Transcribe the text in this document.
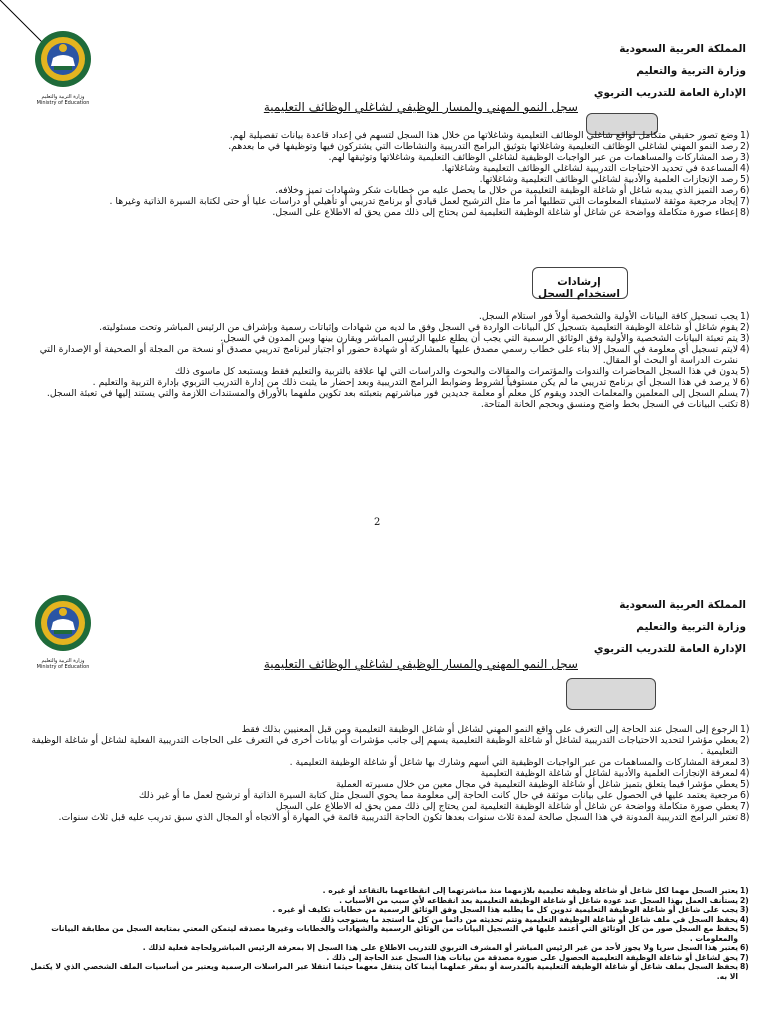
وزارة التربية والتعليم
Ministry of Education
المملكة العربية السعودية
وزارة التربية والتعليم
الإدارة العامة للتدريب التربوي
سجل النمو المهني والمسار الوظيفي لشاغلي الوظائف التعليمية
1)
وضع تصور حقيقي متكامل لواقع شاغلي الوظائف التعليمية وشاغلاتها من خلال هذا السجل لتسهم في إعداد قاعدة بيانات تفصيلية لهم.
2)
رصد النمو المهني لشاغلي الوظائف التعليمية وشاغلاتها بتوثيق البرامج التدريبية والنشاطات التي يشتركون فيها وتوظيفها في ما بعدهم.
3)
رصد المشاركات والمساهمات من عبر الواجبات الوظيفية لشاغلي الوظائف التعليمية وشاغلاتها وتوثيقها لهم.
4)
المساعدة في تحديد الاحتياجات التدريبية لشاغلي الوظائف التعليمية وشاغلاتها.
5)
رصد الإنجازات العلمية والأدبية لشاغلي الوظائف التعليمية وشاغلاتها.
6)
رصد التميز الذي يبديه شاغل أو شاغلة الوظيفة التعليمية من خلال ما يحصل عليه من خطابات شكر وشهادات تميز وخلافه.
7)
إيجاد مرجعية موثقة لاستيفاء المعلومات التي تتطلبها أمر ما مثل الترشيح لعمل قيادي أو برنامج تدريبي أو تأهيلي أو دراسات عليا أو حتى لكتابة السيرة الذاتية وغيرها .
8)
إعطاء صورة متكاملة وواضحة عن شاغل أو شاغلة الوظيفة التعليمية لمن يحتاج إلى ذلك ممن يحق له الاطلاع على السجل.
إرشادات استخدام السجل
1)
يجب تسجيل كافة البيانات الأولية والشخصية أولاً فور استلام السجل.
2)
يقوم شاغل أو شاغلة الوظيفة التعليمية بتسجيل كل البيانات الواردة في السجل وفق ما لديه من شهادات وإثباتات رسمية وبإشراف من الرئيس المباشر وتحت مسئوليته.
3)
يتم تعبئة البيانات الشخصية والأولية وفق الوثائق الرسمية التي يجب أن يطلع عليها الرئيس المباشر ويقارن بينها وبين المدون في السجل.
4)
لايتم تسجيل أي معلومة في السجل إلا بناء على خطاب رسمي مصدق عليها بالمشاركة أو شهادة حضور أو اجتياز لبرنامج تدريبي مصدق أو نسخة من المجلة أو الصحيفة أو الإصدارة التي نشرت الدراسة أو البحث أو المقال.
5)
يدون في هذا السجل المحاضرات والندوات والمؤتمرات والمقالات والبحوث والدراسات التي لها علاقة بالتربية والتعليم فقط ويستبعد كل ماسوى ذلك
6)
لا يرصد في هذا السجل أي برنامج تدريبي ما لم يكن مستوفياً لشروط وضوابط البرامج التدريبية وبعد إحضار ما يثبت ذلك من إدارة التدريب التربوي بإدارة التربية والتعليم .
7)
يسلم السجل إلى المعلمين والمعلمات الجدد ويقوم كل معلم أو معلمة جديدين فور مباشرتهم بتعبئته بعد تكوين ملفهما بالأوراق والمستندات اللازمة والتي يستند إليها في تعبئة السجل.
8)
تكتب البيانات في السجل بخط واضح ومنسق وبحجم الخانة المتاحة.
2
وزارة التربية والتعليم
Ministry of Education
المملكة العربية السعودية
وزارة التربية والتعليم
الإدارة العامة للتدريب التربوي
سجل النمو المهني والمسار الوظيفي لشاغلي الوظائف التعليمية
1)
الرجوع إلى السجل عند الحاجة إلى التعرف على واقع النمو المهني لشاغل أو شاغل الوظيفة التعليمية ومن قبل المعنيين بذلك فقط
2)
يعطي مؤشرا لتحديد الاحتياجات التدريبية لشاغل أو شاغلة الوظيفة التعليمية يسهم إلى جانب مؤشرات أو بيانات أخرى في التعرف على الحاجات التدريبية الفعلية لشاغل أو شاغلة الوظيفة التعليمية .
3)
لمعرفة المشاركات والمساهمات من عبر الواجبات الوظيفية التي أسهم وشارك بها شاغل أو شاغلة الوظيفة التعليمية .
4)
لمعرفة الإنجازات العلمية والأدبية لشاغل أو شاغلة الوظيفة التعليمية
5)
يعطي مؤشرا فيما يتعلق بتميز شاغل أو شاغلة الوظيفة التعليمية في مجال معين من خلال مسيرته العملية
6)
مرجعية يعتمد عليها في الحصول على بيانات موثقة في حال كانت الحاجة إلى معلومة مما يحوي السجل مثل كتابة السيرة الذاتية أو ترشيح لعمل ما أو غير ذلك
7)
يعطي صورة متكاملة وواضحة عن شاغل أو شاغلة الوظيفة التعليمية لمن يحتاج إلى ذلك ممن يحق له الاطلاع على السجل
8)
تعتبر البرامج التدريبية المدونة في هذا السجل صالحة لمدة ثلاث سنوات بعدها تكون الحاجة التدريبية قائمة في المهارة أو الاتجاه أو المجال الذي سبق تدريب عليه قبل ثلاث سنوات.
1)
يعتبر السجل مهما لكل شاغل أو شاغلة وظيفة تعليمية بلازمهما منذ مباشرتهما إلى انقطاعهما بالتقاعد أو غيره .
2)
يستأنف العمل بهذا السجل عند عودة شاغل أو شاغلة الوظيفة التعليمية بعد انقطاعه لأي سبب من الأسباب .
3)
يجب على شاغل أو شاغلة الوظيفة التعليمية تدوين كل ما يطلبه هذا السجل وفق الوثائق الرسمية من خطابات تكليف أو غيره .
4)
يحفظ السجل في ملف شاغل أو شاغلة الوظيفة التعليمية وتتم تحديثه من دائما من كل ما استجد ما يستوجب ذلك
5)
يحفظ مع السجل صور من كل الوثائق التي أعتمد عليها في التسجيل البيانات من الوثائق الرسمية والشهادات والخطابات وغيرها مصدقه ليتمكن المعني بمتابعة السجل من مطابقة البيانات والمعلومات .
6)
يعتبر هذا السجل سريا ولا يجوز لأحد من غير الرئيس المباشر أو المشرف التربوي للتدريب الاطلاع على هذا السجل إلا بمعرفة الرئيس المباشرولحاجة فعلية لذلك .
7)
يحق لشاغل أو شاغلة الوظيفة التعليمية الحصول على صورة مصدقة من بيانات هذا السجل عند الحاجة إلى ذلك .
8)
يحفظ السجل بملف شاغل أو شاغلة الوظيفة التعليمية بالمدرسة أو بمقر عملهما أينما كان ينتقل معهما حيثما انتقلا عبر المراسلات الرسمية ويعتبر من أساسيات الملف الشخصي الذي لا يكتمل الا به.
